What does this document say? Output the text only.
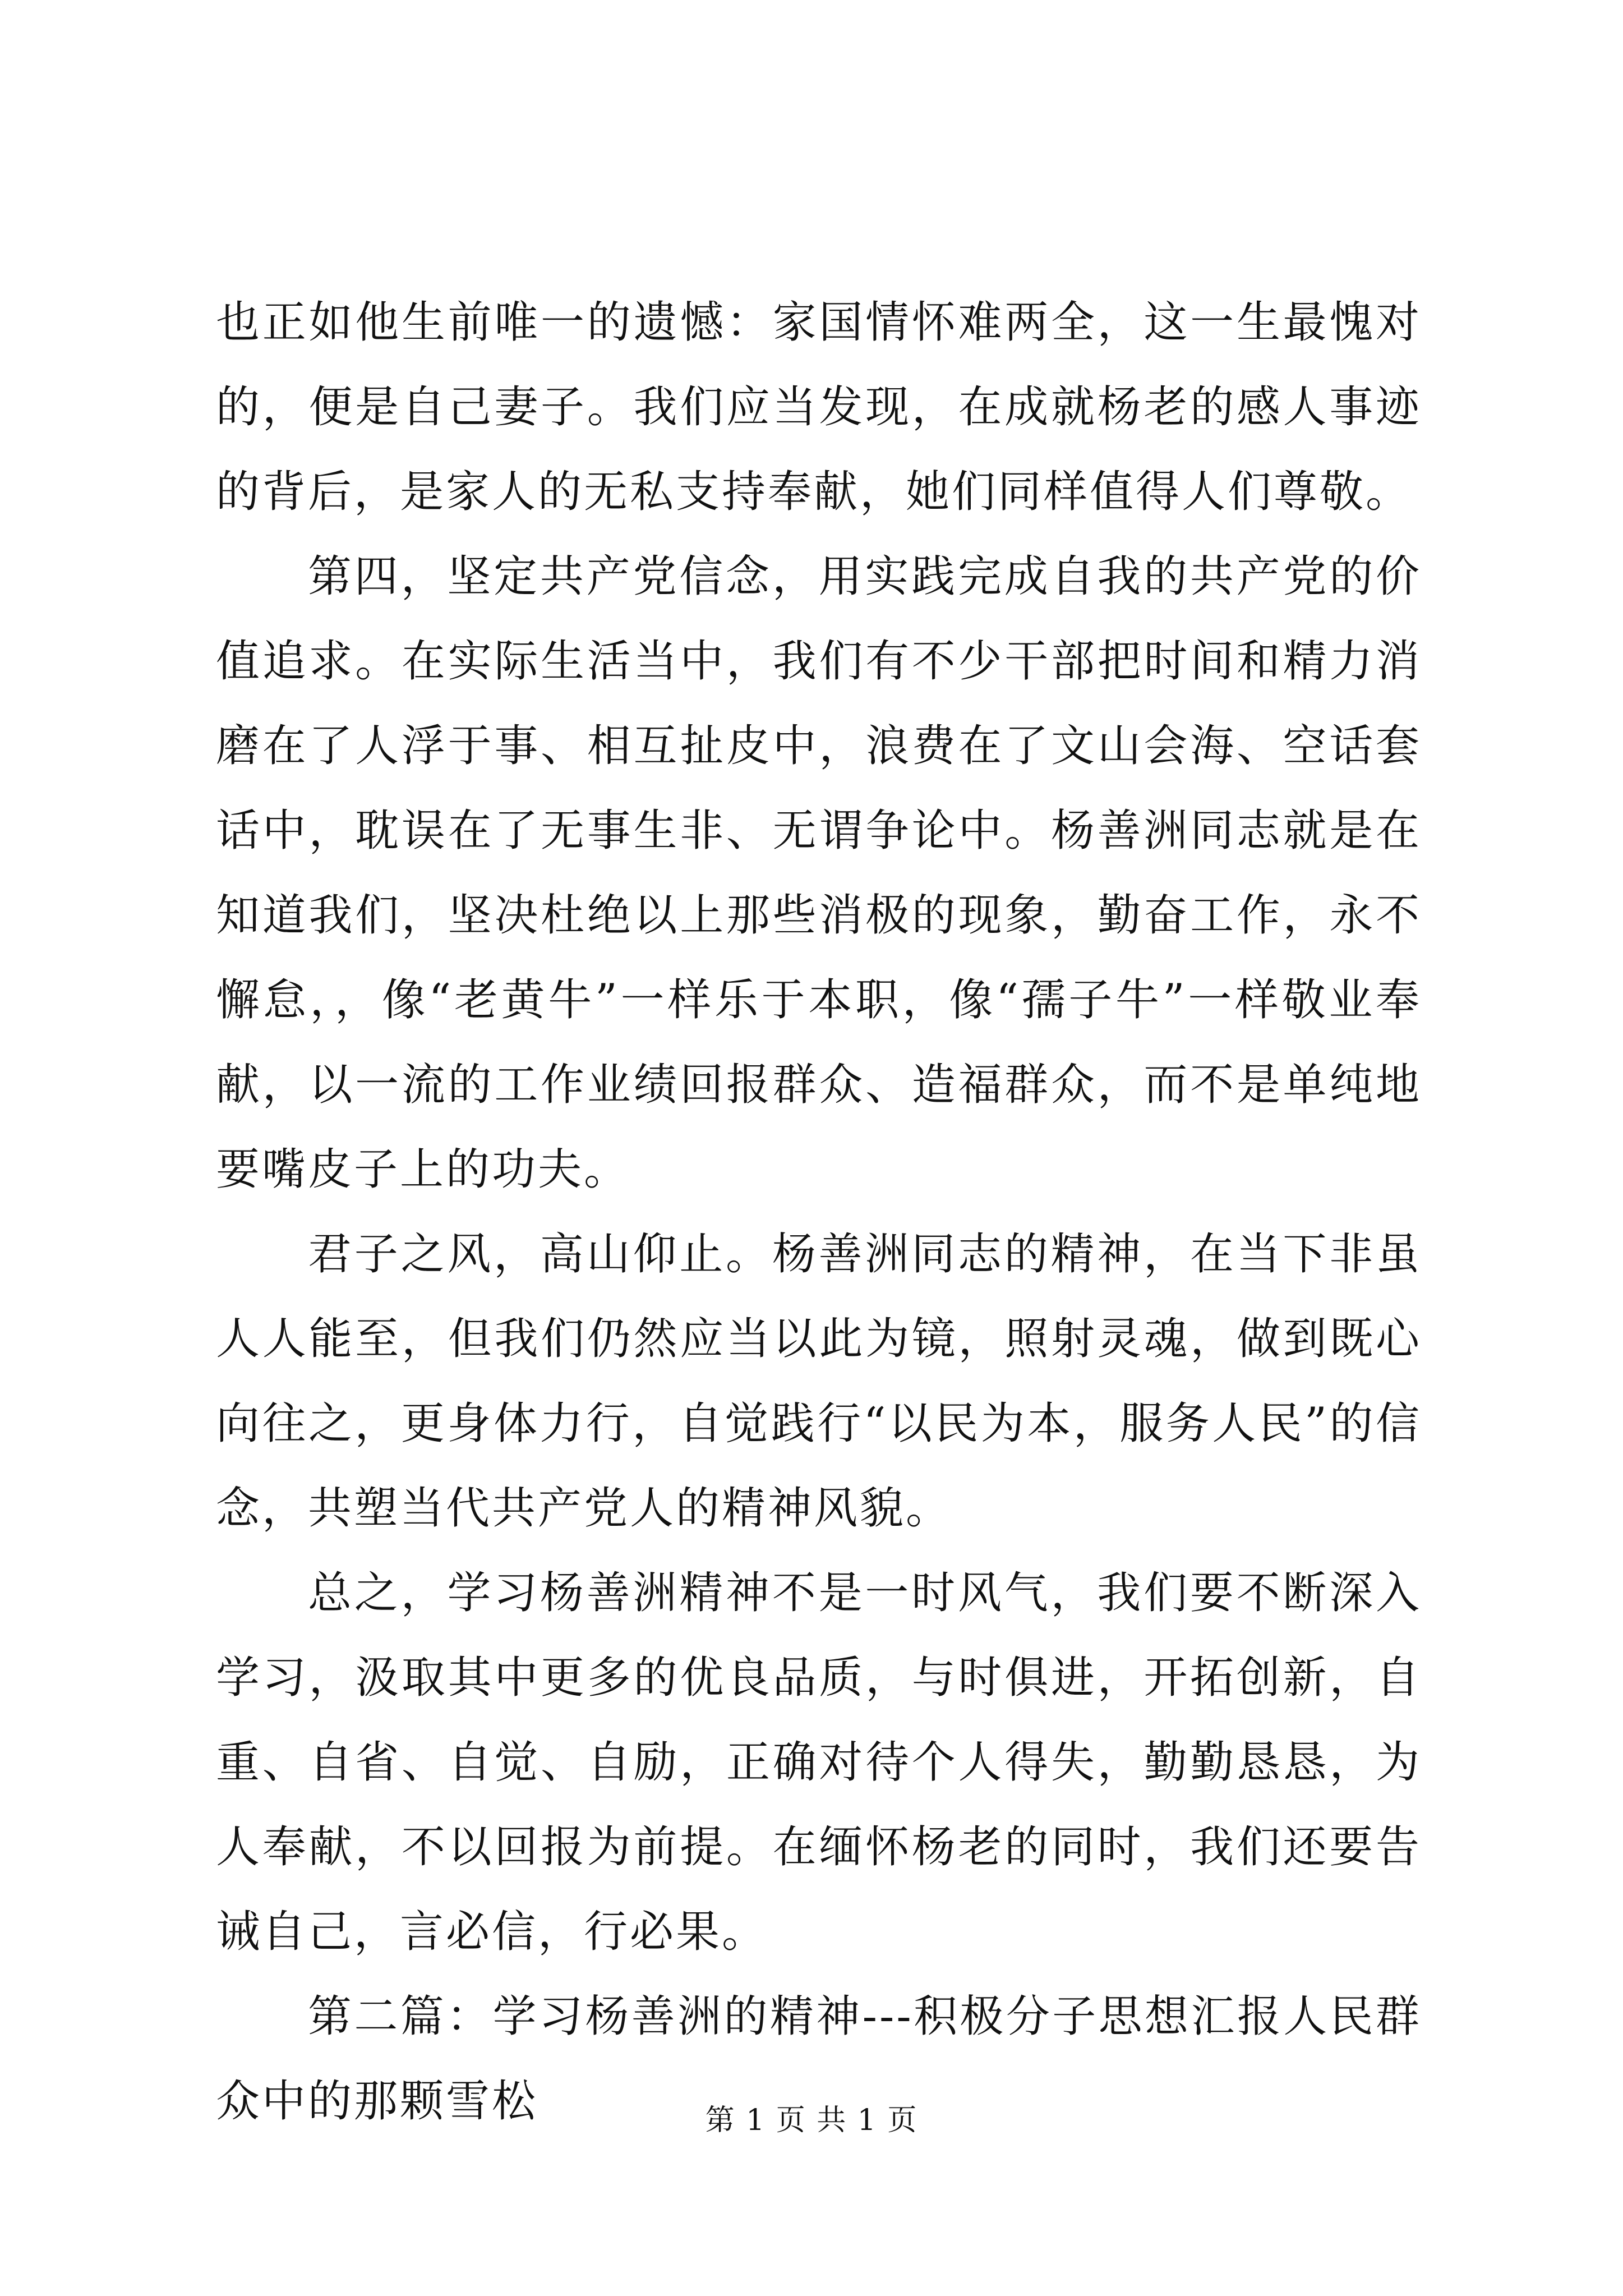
也正如他生前唯一的遗憾：家国情怀难两全，这一生最愧对的，便是自己妻子。我们应当发现，在成就杨老的感人事迹的背后，是家人的无私支持奉献，她们同样值得人们尊敬。

第四，坚定共产党信念，用实践完成自我的共产党的价值追求。在实际生活当中，我们有不少干部把时间和精力消磨在了人浮于事、相互扯皮中，浪费在了文山会海、空话套话中，耽误在了无事生非、无谓争论中。杨善洲同志就是在知道我们，坚决杜绝以上那些消极的现象，勤奋工作，永不懈怠，，像“老黄牛”一样乐于本职，像“孺子牛”一样敬业奉献，以一流的工作业绩回报群众、造福群众，而不是单纯地要嘴皮子上的功夫。

君子之风，高山仰止。杨善洲同志的精神，在当下非虽人人能至，但我们仍然应当以此为镜，照射灵魂，做到既心向往之，更身体力行，自觉践行“以民为本，服务人民”的信念，共塑当代共产党人的精神风貌。

总之，学习杨善洲精神不是一时风气，我们要不断深入学习，汲取其中更多的优良品质，与时俱进，开拓创新，自重、自省、自觉、自励，正确对待个人得失，勤勤恳恳，为人奉献，不以回报为前提。在缅怀杨老的同时，我们还要告诫自己，言必信，行必果。

第二篇：学习杨善洲的精神---积极分子思想汇报人民群众中的那颗雪松	第 1 页 共 1 页
